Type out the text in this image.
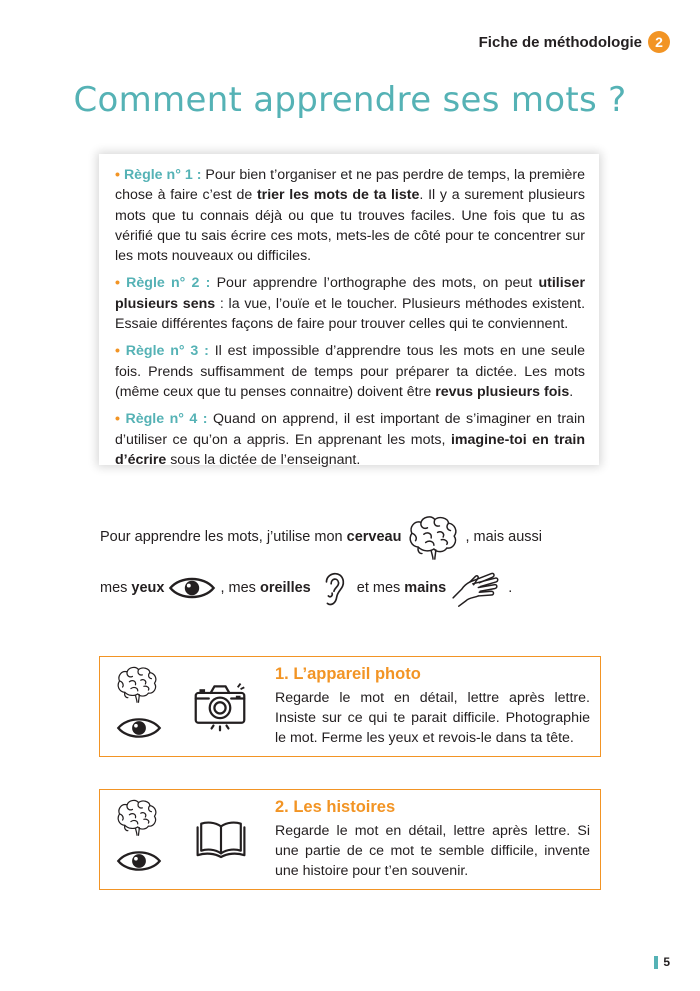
Fiche de méthodologie 2
Comment apprendre ses mots ?

• Règle n° 1 : Pour bien t’organiser et ne pas perdre de temps, la première chose à faire c’est de trier les mots de ta liste. Il y a surement plusieurs mots que tu connais déjà ou que tu trouves faciles. Une fois que tu as vérifié que tu sais écrire ces mots, mets-les de côté pour te concentrer sur les mots nouveaux ou difficiles.

• Règle n° 2 : Pour apprendre l’orthographe des mots, on peut utiliser plusieurs sens : la vue, l’ouïe et le toucher. Plusieurs méthodes existent. Essaie différentes façons de faire pour trouver celles qui te conviennent.

• Règle n° 3 : Il est impossible d’apprendre tous les mots en une seule fois. Prends suffisamment de temps pour préparer ta dictée. Les mots (même ceux que tu penses connaitre) doivent être revus plusieurs fois.

• Règle n° 4 : Quand on apprend, il est important de s’imaginer en train d’utiliser ce qu’on a appris. En apprenant les mots, imagine-toi en train d’écrire sous la dictée de l’enseignant.

Pour apprendre les mots, j’utilise mon cerveau	, mais aussi
mes yeux	, mes oreilles	et mes mains	.
1. L’appareil photo
Regarde le mot en détail, lettre après lettre. Insiste sur ce qui te parait difficile. Photographie le mot. Ferme les yeux et revois-le dans ta tête.
2. Les histoires
Regarde le mot en détail, lettre après lettre. Si une partie de ce mot te semble difficile, invente une histoire pour t’en souvenir.
5
